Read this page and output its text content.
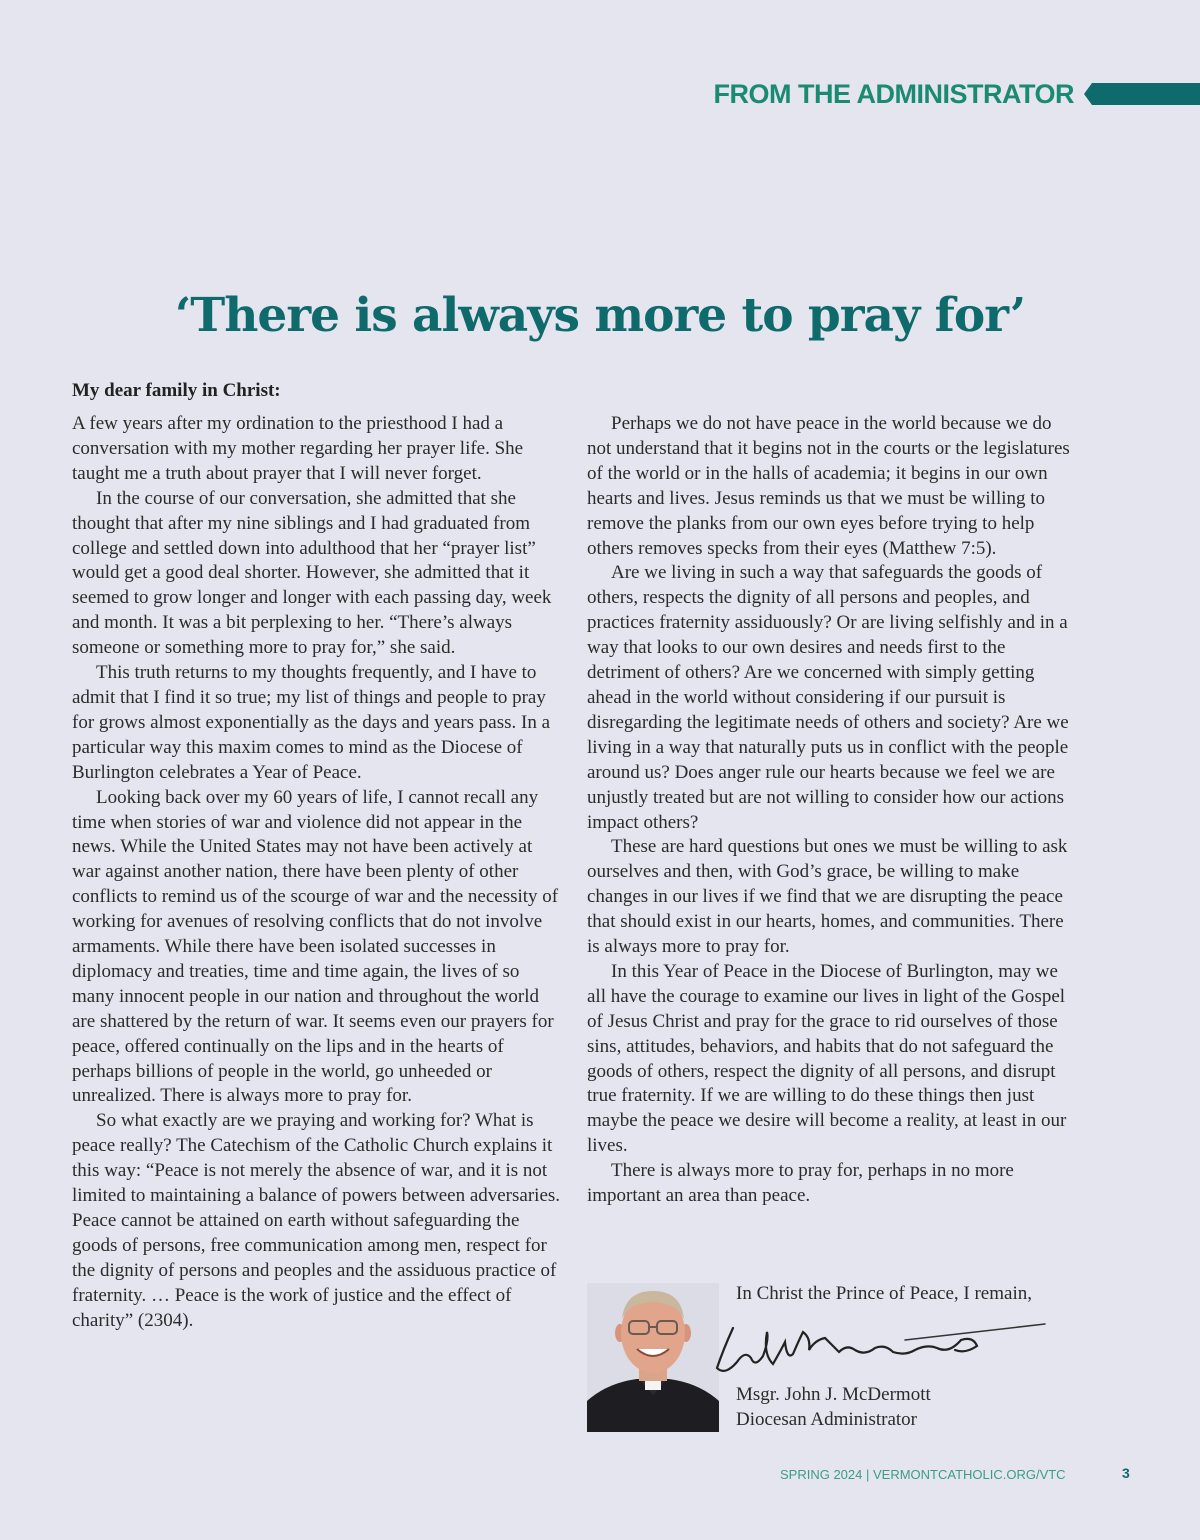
FROM THE ADMINISTRATOR
‘There is always more to pray for’
My dear family in Christ:

A few years after my ordination to the priesthood I had a conversation with my mother regarding her prayer life. She taught me a truth about prayer that I will never forget.

In the course of our conversation, she admitted that she thought that after my nine siblings and I had graduated from college and settled down into adulthood that her “prayer list” would get a good deal shorter. However, she admitted that it seemed to grow longer and longer with each passing day, week and month. It was a bit perplexing to her. “There’s always someone or something more to pray for,” she said.

This truth returns to my thoughts frequently, and I have to admit that I find it so true; my list of things and people to pray for grows almost exponentially as the days and years pass. In a particular way this maxim comes to mind as the Diocese of Burlington celebrates a Year of Peace.

Looking back over my 60 years of life, I cannot recall any time when stories of war and violence did not appear in the news. While the United States may not have been actively at war against another nation, there have been plenty of other conflicts to remind us of the scourge of war and the necessity of working for avenues of resolving conflicts that do not involve armaments. While there have been isolated successes in diplomacy and treaties, time and time again, the lives of so many innocent people in our nation and throughout the world are shattered by the return of war. It seems even our prayers for peace, offered continually on the lips and in the hearts of perhaps billions of people in the world, go unheeded or unrealized. There is always more to pray for.

So what exactly are we praying and working for? What is peace really? The Catechism of the Catholic Church explains it this way: “Peace is not merely the absence of war, and it is not limited to maintaining a balance of powers between adversaries. Peace cannot be attained on earth without safeguarding the goods of persons, free communication among men, respect for the dignity of persons and peoples and the assiduous practice of fraternity. … Peace is the work of justice and the effect of charity” (2304).

Perhaps we do not have peace in the world because we do not understand that it begins not in the courts or the legislatures of the world or in the halls of academia; it begins in our own hearts and lives. Jesus reminds us that we must be willing to remove the planks from our own eyes before trying to help others removes specks from their eyes (Matthew 7:5).

Are we living in such a way that safeguards the goods of others, respects the dignity of all persons and peoples, and practices fraternity assiduously? Or are living selfishly and in a way that looks to our own desires and needs first to the detriment of others? Are we concerned with simply getting ahead in the world without considering if our pursuit is disregarding the legitimate needs of others and society? Are we living in a way that naturally puts us in conflict with the people around us? Does anger rule our hearts because we feel we are unjustly treated but are not willing to consider how our actions impact others?

These are hard questions but ones we must be willing to ask ourselves and then, with God’s grace, be willing to make changes in our lives if we find that we are disrupting the peace that should exist in our hearts, homes, and communities. There is always more to pray for.

In this Year of Peace in the Diocese of Burlington, may we all have the courage to examine our lives in light of the Gospel of Jesus Christ and pray for the grace to rid ourselves of those sins, attitudes, behaviors, and habits that do not safeguard the goods of others, respect the dignity of all persons, and disrupt true fraternity. If we are willing to do these things then just maybe the peace we desire will become a reality, at least in our lives.

There is always more to pray for, perhaps in no more important an area than peace.

In Christ the Prince of Peace, I remain,
Msgr. John J. McDermott
Diocesan Administrator
SPRING 2024 | VERMONTCATHOLIC.ORG/VTC	3
